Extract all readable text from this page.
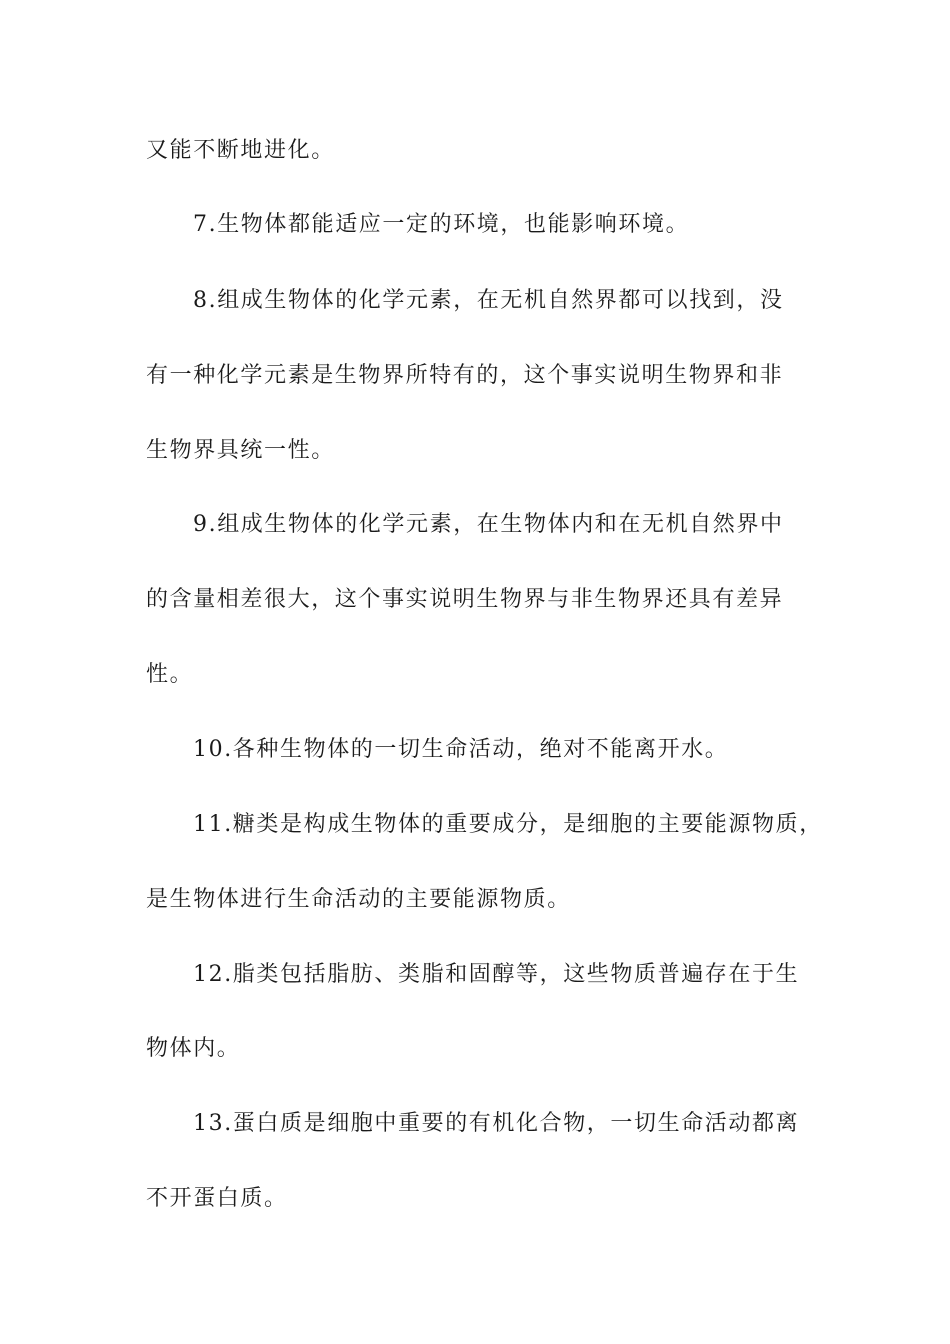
又能不断地进化。
7.生物体都能适应一定的环境，也能影响环境。
8.组成生物体的化学元素，在无机自然界都可以找到，没
有一种化学元素是生物界所特有的，这个事实说明生物界和非
生物界具统一性。
9.组成生物体的化学元素，在生物体内和在无机自然界中
的含量相差很大，这个事实说明生物界与非生物界还具有差异
性。
10.各种生物体的一切生命活动，绝对不能离开水。
11.糖类是构成生物体的重要成分，是细胞的主要能源物质，
是生物体进行生命活动的主要能源物质。
12.脂类包括脂肪、类脂和固醇等，这些物质普遍存在于生
物体内。
13.蛋白质是细胞中重要的有机化合物，一切生命活动都离
不开蛋白质。
